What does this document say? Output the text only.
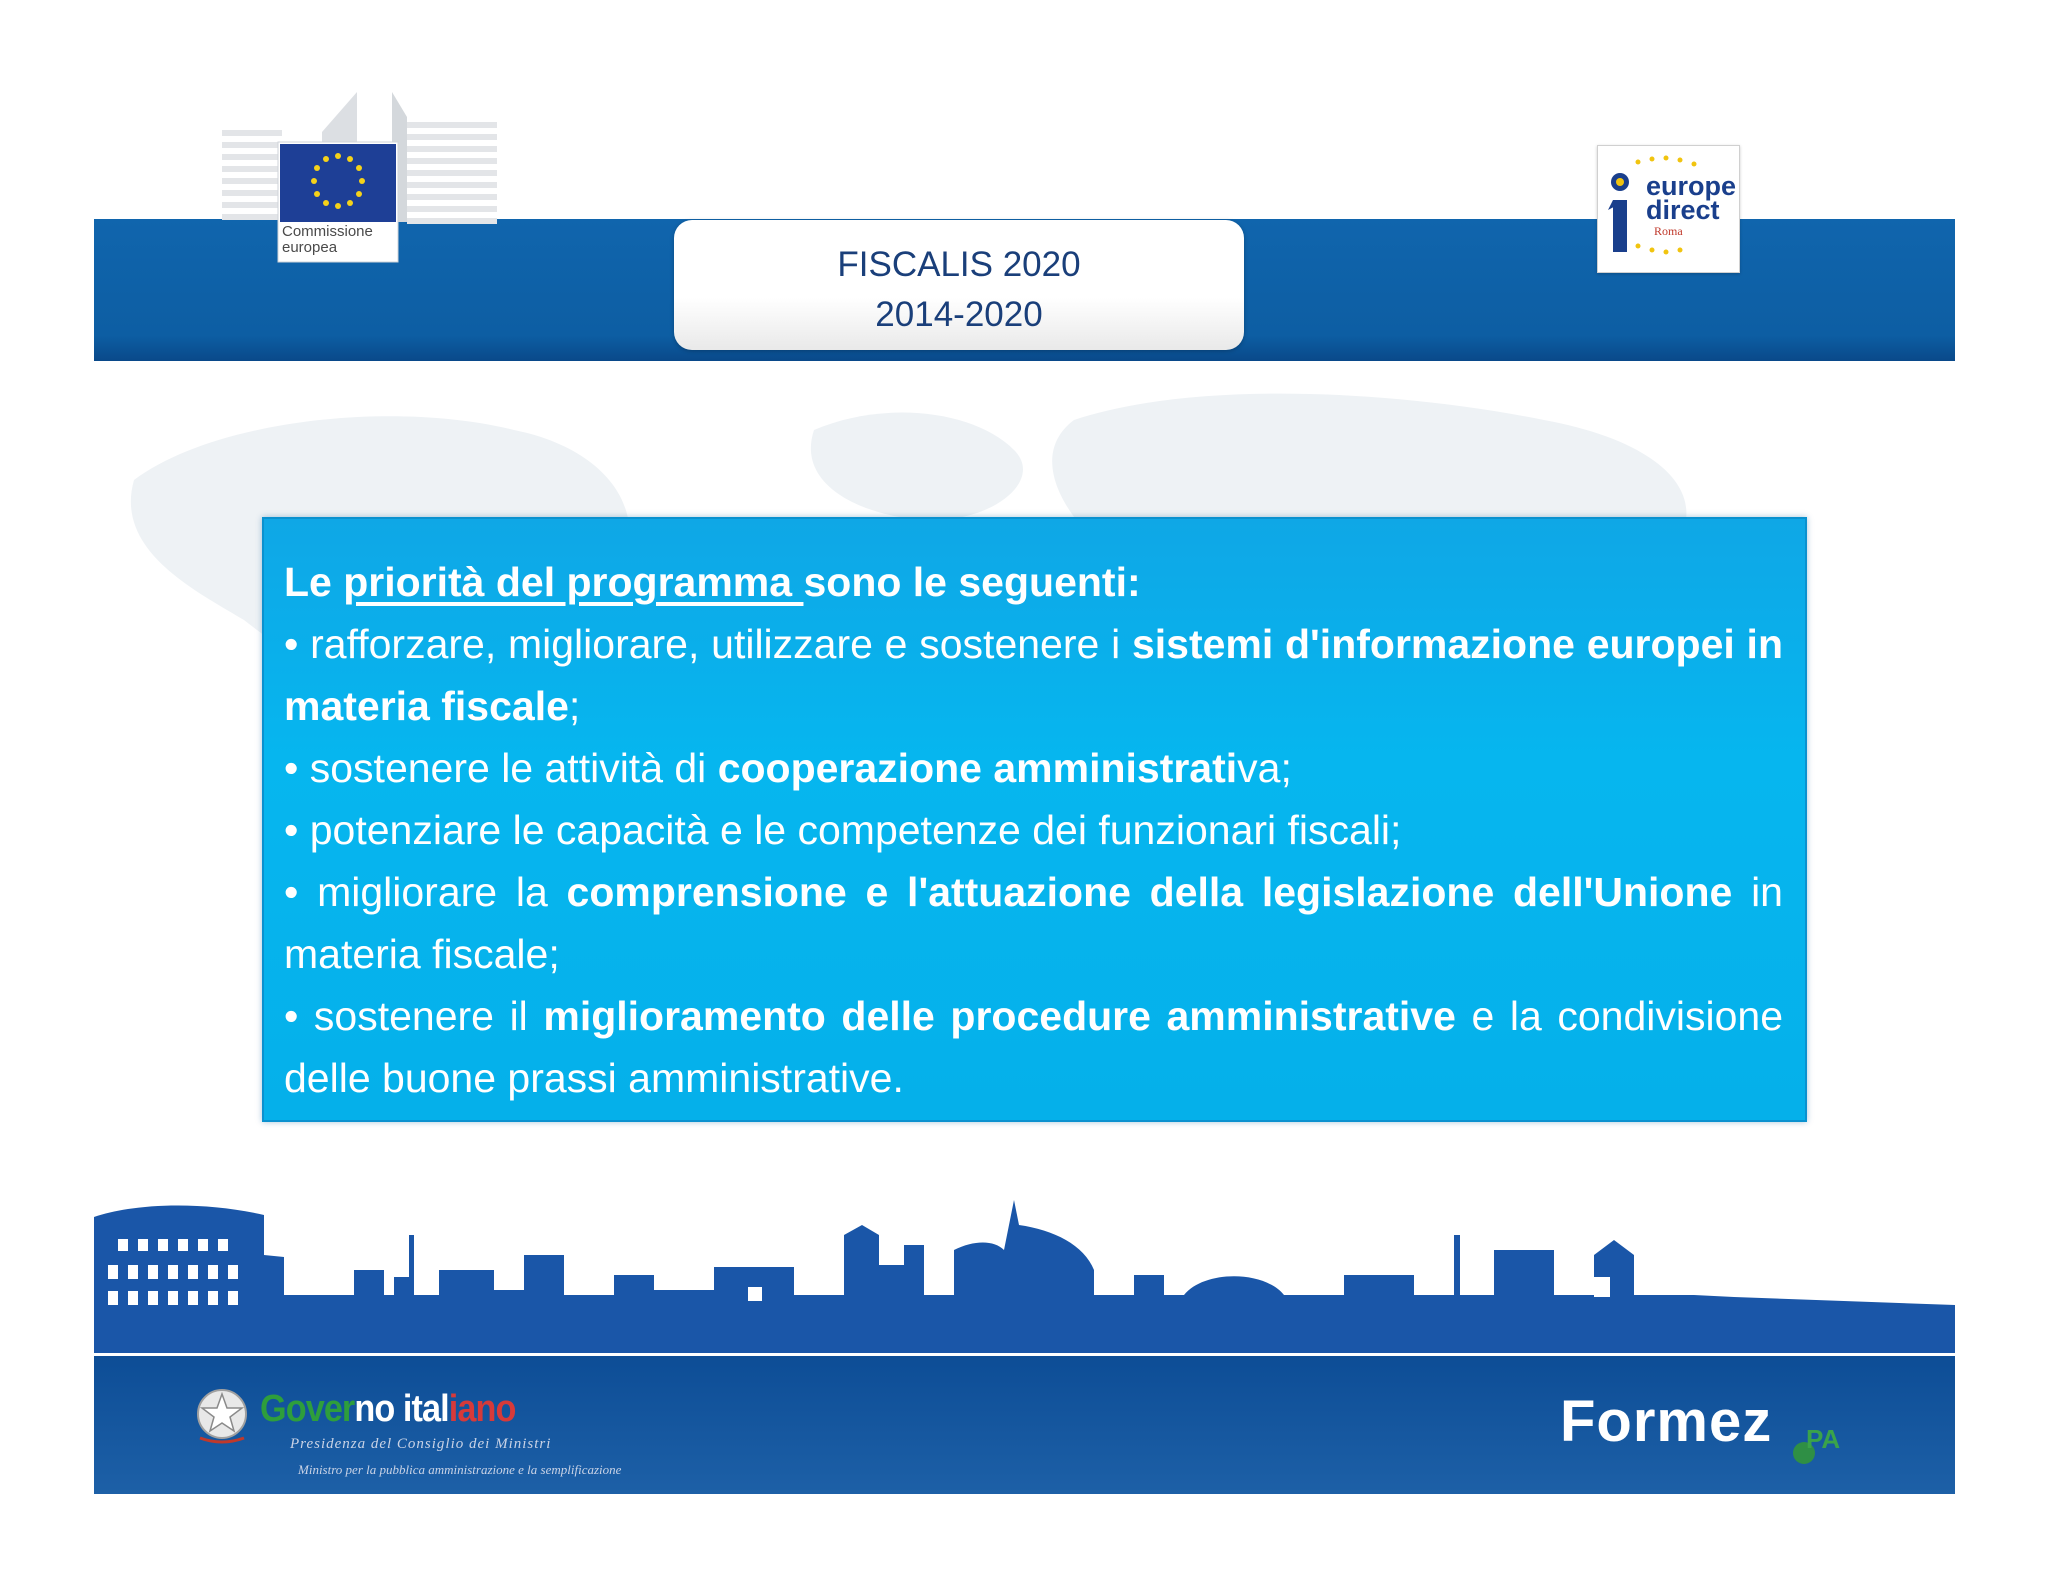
Commissione
europea	FISCALIS 2020
2014-2020
europe
direct
Roma

Le priorità del programma sono le seguenti:

• rafforzare, migliorare, utilizzare e sostenere i sistemi d'informazione europei in materia fiscale;

• sostenere le attività di cooperazione amministrativa;

• potenziare le capacità e le competenze dei funzionari fiscali;

• migliorare la comprensione e l'attuazione della legislazione dell'Unione in materia fiscale;

• sostenere il miglioramento delle procedure amministrative e la condivisione delle buone prassi amministrative.

Governo italiano
Presidenza del Consiglio dei Ministri
Ministro per la pubblica amministrazione e la semplificazione
Formez PA
